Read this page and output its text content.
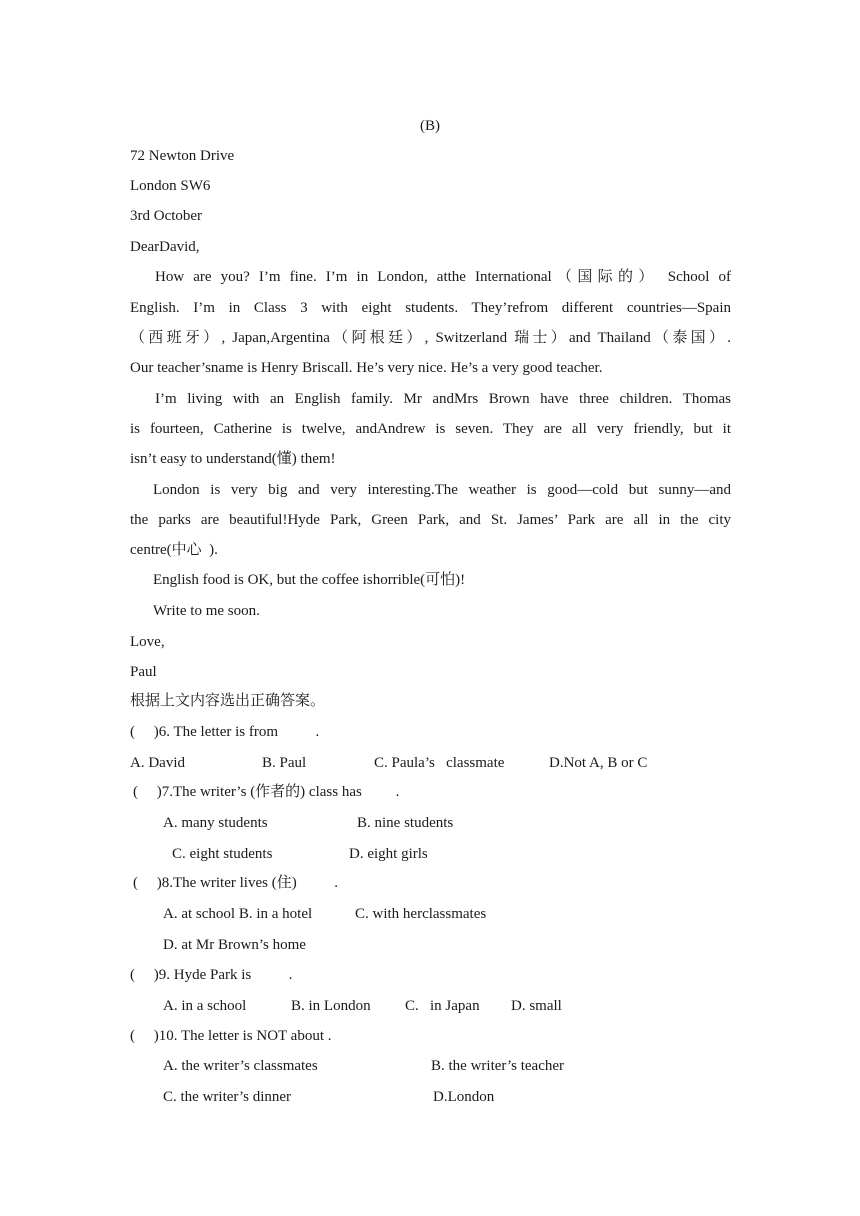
(B)
72 Newton Drive
London SW6
3rd October
DearDavid,
How are you? I’m fine. I’m in London, atthe International（国际的） School of
English. I’m in Class 3 with eight students. They’refrom different countries—Spain
（西班牙）, Japan,Argentina（阿根廷）, Switzerland 瑞士）and Thailand（泰国）.
Our teacher’sname is Henry Briscall. He’s very nice. He’s a very good teacher.
I’m living with an English family. Mr andMrs Brown have three children. Thomas
is fourteen, Catherine is twelve, andAndrew is seven. They are all very friendly, but it
isn’t easy to understand(懂) them!
London is very big and very interesting.The weather is good—cold but sunny—and
the parks are beautiful!Hyde Park, Green Park, and St. James’ Park are all in the city
centre(中心  ).
English food is OK, but the coffee ishorrible(可怕)!
Write to me soon.
Love,
Paul
根据上文内容选出正确答案。
(     )6. The letter is from          .
A. David	B. Paul	C. Paula’s   classmate	D.Not A, B or C
(     )7.The writer’s (作者的) class has         .
A. many students	B. nine students
C. eight students	D. eight girls
(     )8.The writer lives (住)          .
A. at school B. in a hotel	C. with herclassmates
D. at Mr Brown’s home
(     )9. Hyde Park is          .
A. in a school	B. in London C.   in Japan D. small
(     )10. The letter is NOT about .
A. the writer’s classmates	B. the writer’s teacher
C. the writer’s dinner	D.London
